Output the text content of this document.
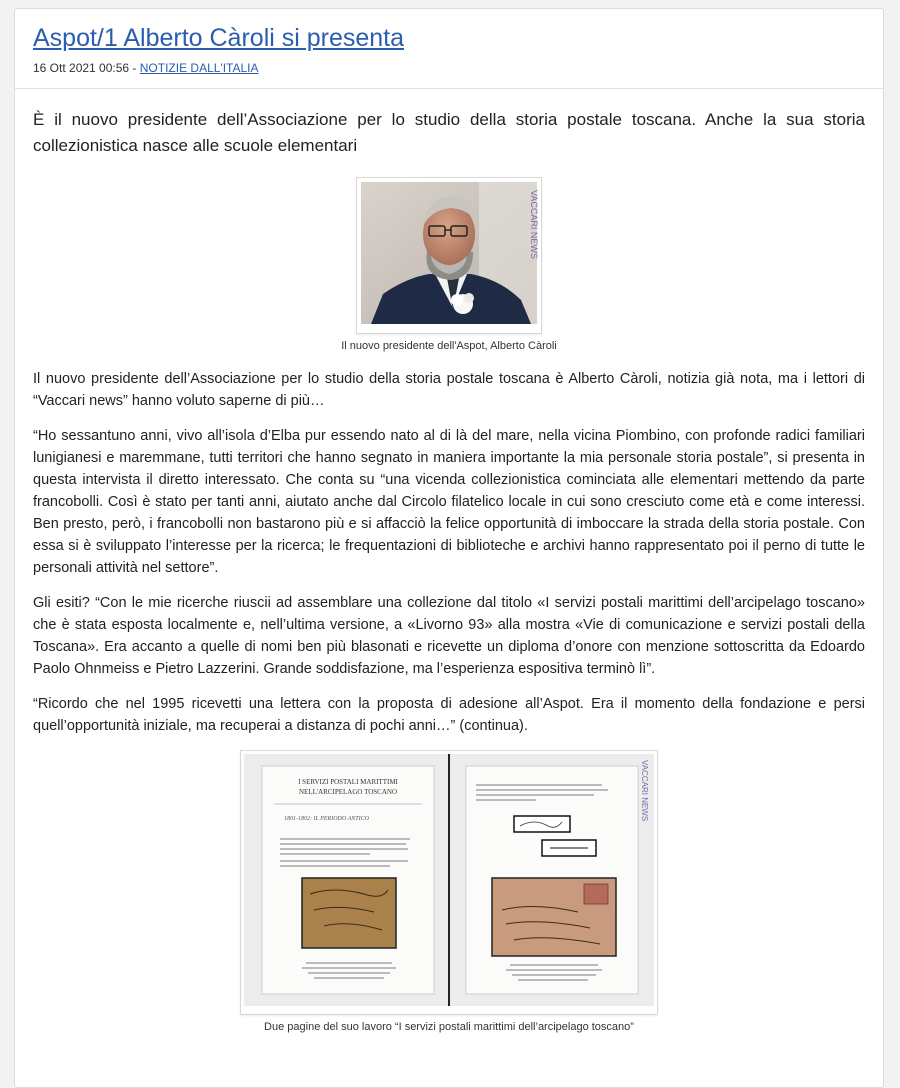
Aspot/1 Alberto Càroli si presenta
16 Ott 2021 00:56 - NOTIZIE DALL'ITALIA

È il nuovo presidente dell’Associazione per lo studio della storia postale toscana. Anche la sua storia collezionistica nasce alle scuole elementari

VACCARI NEWS
Il nuovo presidente dell'Aspot, Alberto Càroli

Il nuovo presidente dell’Associazione per lo studio della storia postale toscana è Alberto Càroli, notizia già nota, ma i lettori di “Vaccari news” hanno voluto saperne di più…

“Ho sessantuno anni, vivo all’isola d’Elba pur essendo nato al di là del mare, nella vicina Piombino, con profonde radici familiari lunigianesi e maremmane, tutti territori che hanno segnato in maniera importante la mia personale storia postale”, si presenta in questa intervista il diretto interessato. Che conta su “una vicenda collezionistica cominciata alle elementari mettendo da parte francobolli. Così è stato per tanti anni, aiutato anche dal Circolo filatelico locale in cui sono cresciuto come età e come interessi. Ben presto, però, i francobolli non bastarono più e si affacciò la felice opportunità di imboccare la strada della storia postale. Con essa si è sviluppato l’interesse per la ricerca; le frequentazioni di biblioteche e archivi hanno rappresentato poi il perno di tutte le personali attività nel settore”.

Gli esiti? “Con le mie ricerche riuscii ad assemblare una collezione dal titolo «I servizi postali marittimi dell’arcipelago toscano» che è stata esposta localmente e, nell’ultima versione, a «Livorno 93» alla mostra «Vie di comunicazione e servizi postali della Toscana». Era accanto a quelle di nomi ben più blasonati e ricevette un diploma d’onore con menzione sottoscritta da Edoardo Paolo Ohnmeiss e Pietro Lazzerini. Grande soddisfazione, ma l’esperienza espositiva terminò lì”.

“Ricordo che nel 1995 ricevetti una lettera con la proposta di adesione all’Aspot. Era il momento della fondazione e persi quell’opportunità iniziale, ma recuperai a distanza di pochi anni…” (continua).

I SERVIZI POSTALI MARITTIMI
NELL'ARCIPELAGO TOSCANO
1801-1802: IL PERIODO ANTICO	VACCARI NEWS
Due pagine del suo lavoro “I servizi postali marittimi dell’arcipelago toscano”
